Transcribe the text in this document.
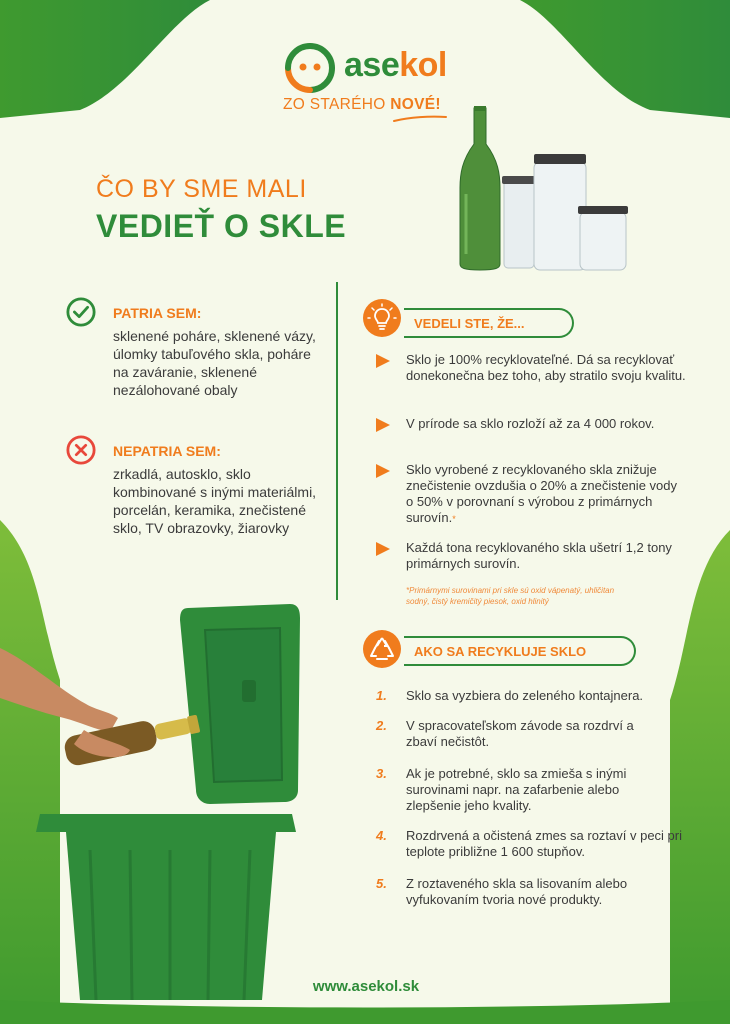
asekol
ZO STARÉHO NOVÉ!
ČO BY SME MALI
VEDIEŤ O SKLE
PATRIA SEM:
sklenené poháre, sklenené vázy, úlomky tabuľového skla, poháre na zaváranie, sklenené nezálohované obaly
NEPATRIA SEM:
zrkadlá, autosklo, sklo kombinované s inými materiálmi, porcelán, keramika, znečistené sklo, TV obrazovky, žiarovky
VEDELI STE, ŽE...
Sklo je 100% recyklovateľné. Dá sa recyklovať donekonečna bez toho, aby stratilo svoju kvalitu.
V prírode sa sklo rozloží až za 4 000 rokov.
Sklo vyrobené z recyklovaného skla znižuje znečistenie ovzdušia o 20% a znečistenie vody o 50% v porovnaní s výrobou z primárnych surovín.*
Každá tona recyklovaného skla ušetrí 1,2 tony primárnych surovín.
*Primárnymi surovinami pri skle sú oxid vápenatý, uhličitan sodný, čistý kremičitý piesok, oxid hlinitý
AKO SA RECYKLUJE SKLO
1. Sklo sa vyzbiera do zeleného kontajnera.
2. V spracovateľskom závode sa rozdrví a zbaví nečistôt.
3. Ak je potrebné, sklo sa zmieša s inými surovinami napr. na zafarbenie alebo zlepšenie jeho kvality.
4. Rozdrvená a očistená zmes sa roztaví v peci pri teplote približne 1 600 stupňov.
5. Z roztaveného skla sa lisovaním alebo vyfukovaním tvoria nové produkty.
www.asekol.sk
